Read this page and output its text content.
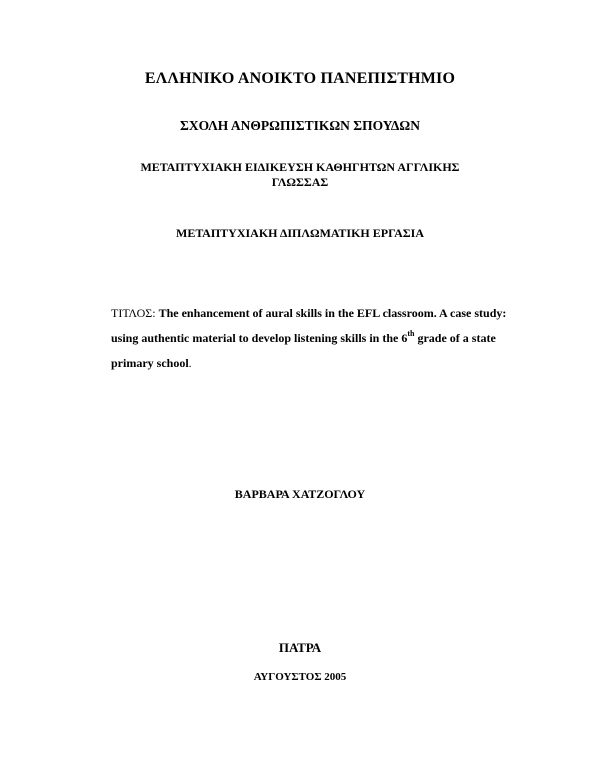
ΕΛΛΗΝΙΚΟ ΑΝΟΙΚΤΟ ΠΑΝΕΠΙΣΤΗΜΙΟ
ΣΧΟΛΗ ΑΝΘΡΩΠΙΣΤΙΚΩΝ ΣΠΟΥΔΩΝ
ΜΕΤΑΠΤΥΧΙΑΚΗ ΕΙΔΙΚΕΥΣΗ ΚΑΘΗΓΗΤΩΝ ΑΓΓΛΙΚΗΣ ΓΛΩΣΣΑΣ
ΜΕΤΑΠΤΥΧΙΑΚΗ ΔΙΠΛΩΜΑΤΙΚΗ ΕΡΓΑΣΙΑ
ΤΙΤΛΟΣ: The enhancement of aural skills in the EFL classroom. A case study: using authentic material to develop listening skills in the 6th grade of a state primary school.
ΒΑΡΒΑΡΑ ΧΑΤΖΟΓΛΟΥ
ΠΑΤΡΑ
ΑΥΓΟΥΣΤΟΣ 2005
